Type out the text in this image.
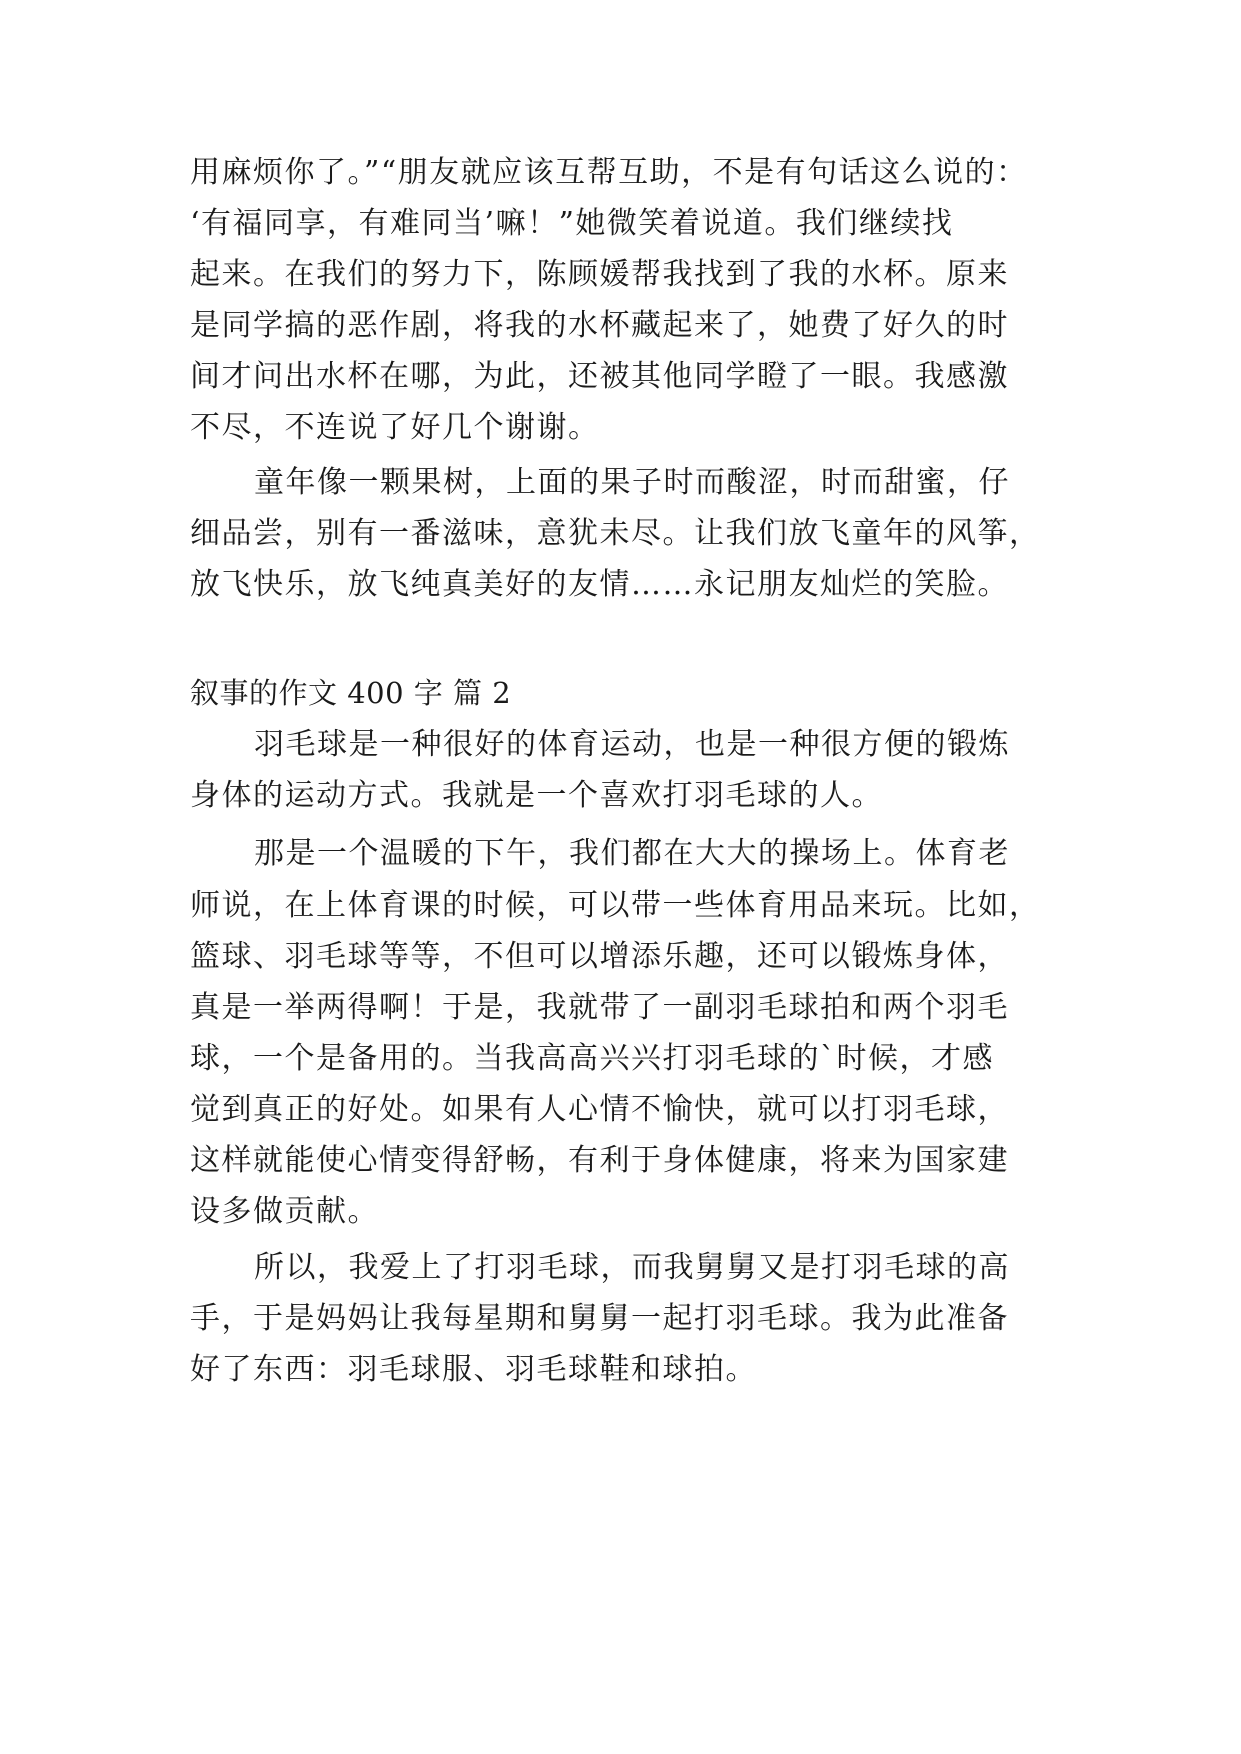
用麻烦你了。”“朋友就应该互帮互助，不是有句话这么说的：
‘有福同享，有难同当’嘛！”她微笑着说道。我们继续找
起来。在我们的努力下，陈顾媛帮我找到了我的水杯。原来
是同学搞的恶作剧，将我的水杯藏起来了，她费了好久的时
间才问出水杯在哪，为此，还被其他同学瞪了一眼。我感激
不尽，不连说了好几个谢谢。
童年像一颗果树，上面的果子时而酸涩，时而甜蜜，仔
细品尝，别有一番滋味，意犹未尽。让我们放飞童年的风筝，
放飞快乐，放飞纯真美好的友情……永记朋友灿烂的笑脸。
叙事的作文 400 字 篇 2
羽毛球是一种很好的体育运动，也是一种很方便的锻炼
身体的运动方式。我就是一个喜欢打羽毛球的人。
那是一个温暖的下午，我们都在大大的操场上。体育老
师说，在上体育课的时候，可以带一些体育用品来玩。比如，
篮球、羽毛球等等，不但可以增添乐趣，还可以锻炼身体，
真是一举两得啊！于是，我就带了一副羽毛球拍和两个羽毛
球，一个是备用的。当我高高兴兴打羽毛球的`时候，才感
觉到真正的好处。如果有人心情不愉快，就可以打羽毛球，
这样就能使心情变得舒畅，有利于身体健康，将来为国家建
设多做贡献。
所以，我爱上了打羽毛球，而我舅舅又是打羽毛球的高
手，于是妈妈让我每星期和舅舅一起打羽毛球。我为此准备
好了东西：羽毛球服、羽毛球鞋和球拍。
